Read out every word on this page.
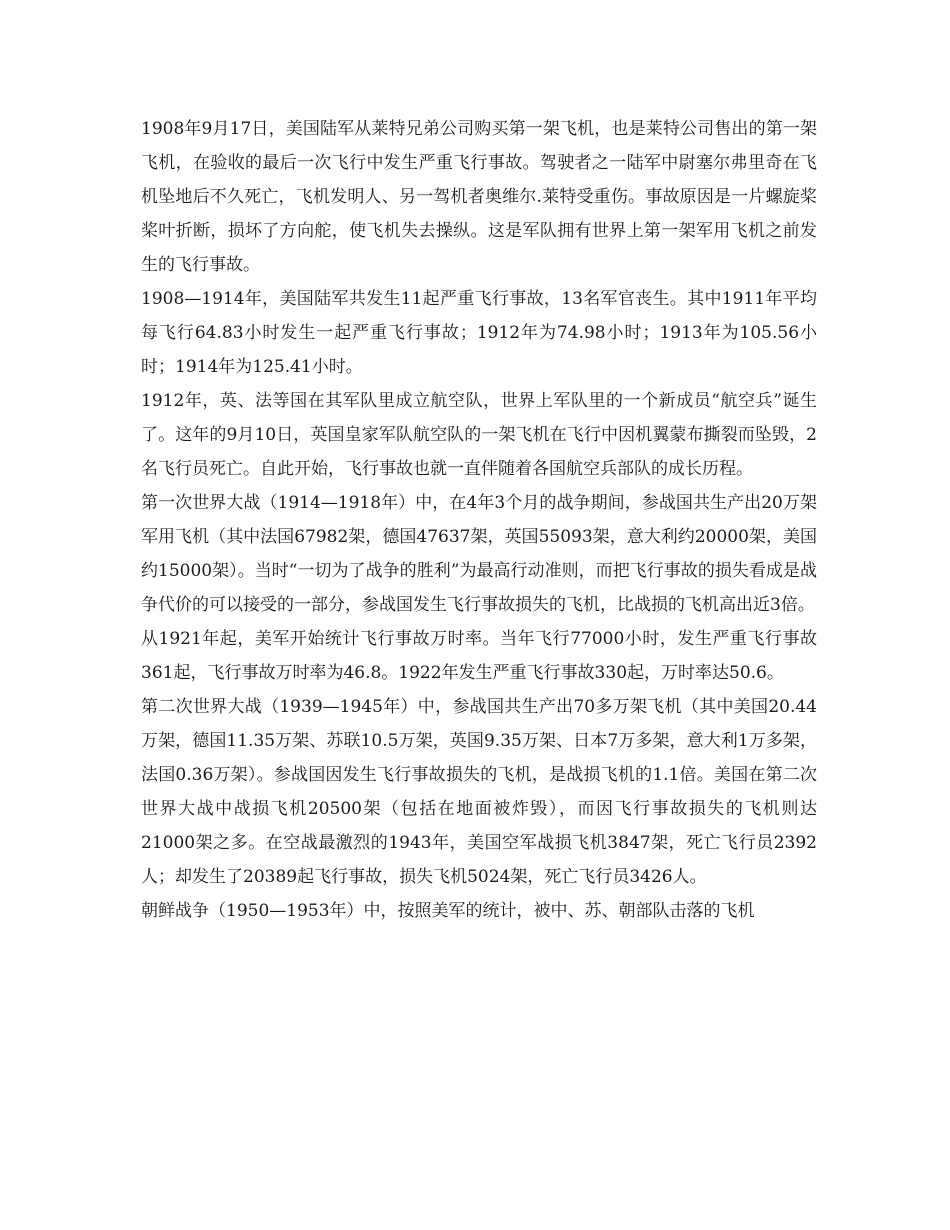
1908年9月17日，美国陆军从莱特兄弟公司购买第一架飞机，也是莱特公司售出的第一架飞机，在验收的最后一次飞行中发生严重飞行事故。驾驶者之一陆军中尉塞尔弗里奇在飞机坠地后不久死亡，飞机发明人、另一驾机者奥维尔.莱特受重伤。事故原因是一片螺旋桨桨叶折断，损坏了方向舵，使飞机失去操纵。这是军队拥有世界上第一架军用飞机之前发生的飞行事故。

1908—1914年，美国陆军共发生11起严重飞行事故，13名军官丧生。其中1911年平均每飞行64.83小时发生一起严重飞行事故；1912年为74.98小时；1913年为105.56小时；1914年为125.41小时。

1912年，英、法等国在其军队里成立航空队，世界上军队里的一个新成员“航空兵”诞生了。这年的9月10日，英国皇家军队航空队的一架飞机在飞行中因机翼蒙布撕裂而坠毁，2名飞行员死亡。自此开始，飞行事故也就一直伴随着各国航空兵部队的成长历程。

第一次世界大战（1914—1918年）中，在4年3个月的战争期间，参战国共生产出20万架军用飞机（其中法国67982架，德国47637架，英国55093架，意大利约20000架，美国约15000架）。当时“一切为了战争的胜利”为最高行动准则，而把飞行事故的损失看成是战争代价的可以接受的一部分，参战国发生飞行事故损失的飞机，比战损的飞机高出近3倍。

从1921年起，美军开始统计飞行事故万时率。当年飞行77000小时，发生严重飞行事故361起，飞行事故万时率为46.8。1922年发生严重飞行事故330起，万时率达50.6。

第二次世界大战（1939—1945年）中，参战国共生产出70多万架飞机（其中美国20.44万架，德国11.35万架、苏联10.5万架，英国9.35万架、日本7万多架，意大利1万多架，法国0.36万架）。参战国因发生飞行事故损失的飞机，是战损飞机的1.1倍。美国在第二次世界大战中战损飞机20500架（包括在地面被炸毁），而因飞行事故损失的飞机则达21000架之多。在空战最激烈的1943年，美国空军战损飞机3847架，死亡飞行员2392人；却发生了20389起飞行事故，损失飞机5024架，死亡飞行员3426人。

朝鲜战争（1950—1953年）中，按照美军的统计，被中、苏、朝部队击落的飞机
